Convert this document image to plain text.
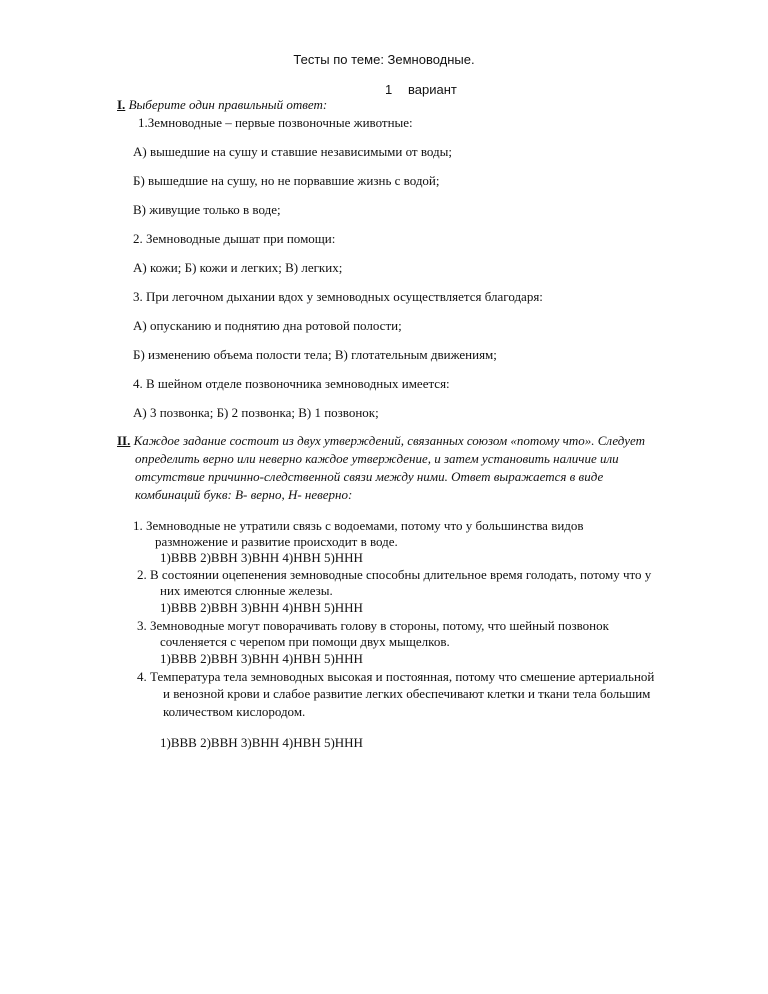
Тесты по теме: Земноводные.
1 вариант
I. Выберите один правильный ответ:
1.Земноводные – первые позвоночные животные:
А) вышедшие на сушу и ставшие независимыми от воды;
Б) вышедшие на сушу, но не порвавшие жизнь с водой;
В) живущие только в воде;
2. Земноводные дышат при помощи:
А) кожи; Б) кожи и легких; В) легких;
3. При легочном дыхании вдох у земноводных осуществляется благодаря:
А) опусканию и поднятию дна ротовой полости;
Б) изменению объема полости тела; В) глотательным движениям;
4. В шейном отделе позвоночника земноводных имеется:
А) 3 позвонка; Б) 2 позвонка; В) 1 позвонок;
II. Каждое задание состоит из двух утверждений, связанных союзом «потому что». Следует
определить верно или неверно каждое утверждение, и затем установить наличие или
отсутствие причинно-следственной связи между ними. Ответ выражается в виде
комбинаций букв: В- верно, Н- неверно:
1. Земноводные не утратили связь с водоемами, потому что у большинства видов
размножение и развитие происходит в воде.
1)ВВВ 2)ВВН 3)ВНН 4)НВН 5)ННН
2. В состоянии оцепенения земноводные способны длительное время голодать, потому что у
них имеются слюнные железы.
1)ВВВ 2)ВВН 3)ВНН 4)НВН 5)ННН
3. Земноводные могут поворачивать голову в стороны, потому, что шейный позвонок
сочленяется с черепом при помощи двух мыщелков.
1)ВВВ 2)ВВН 3)ВНН 4)НВН 5)ННН
4. Температура тела земноводных высокая и постоянная, потому что смешение артериальной
и венозной крови и слабое развитие легких обеспечивают клетки и ткани тела большим
количеством кислородом.
1)ВВВ 2)ВВН 3)ВНН 4)НВН 5)ННН
